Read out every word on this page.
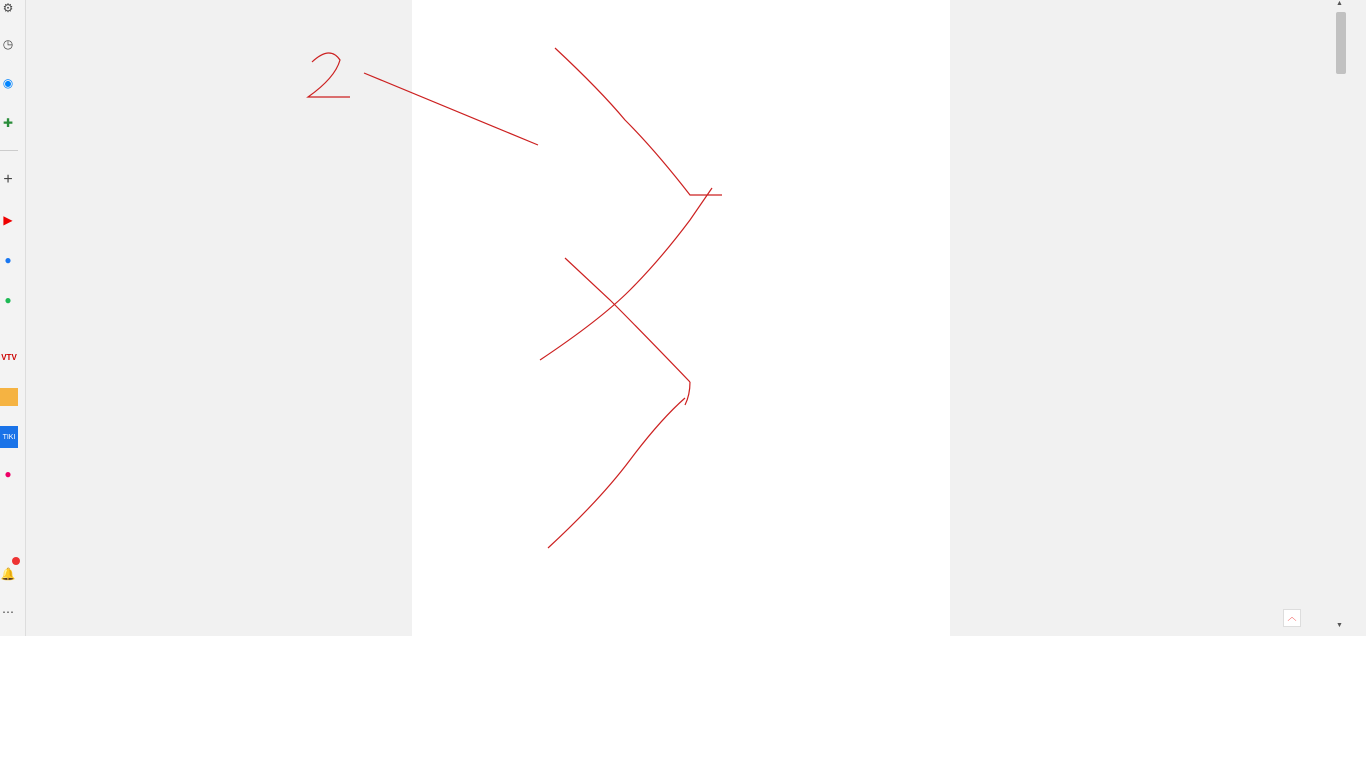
⚙
◷
◉
✚
+
▶
●
●
VTV
TIKI
●
🔔
⋯
▲
▼
︿
